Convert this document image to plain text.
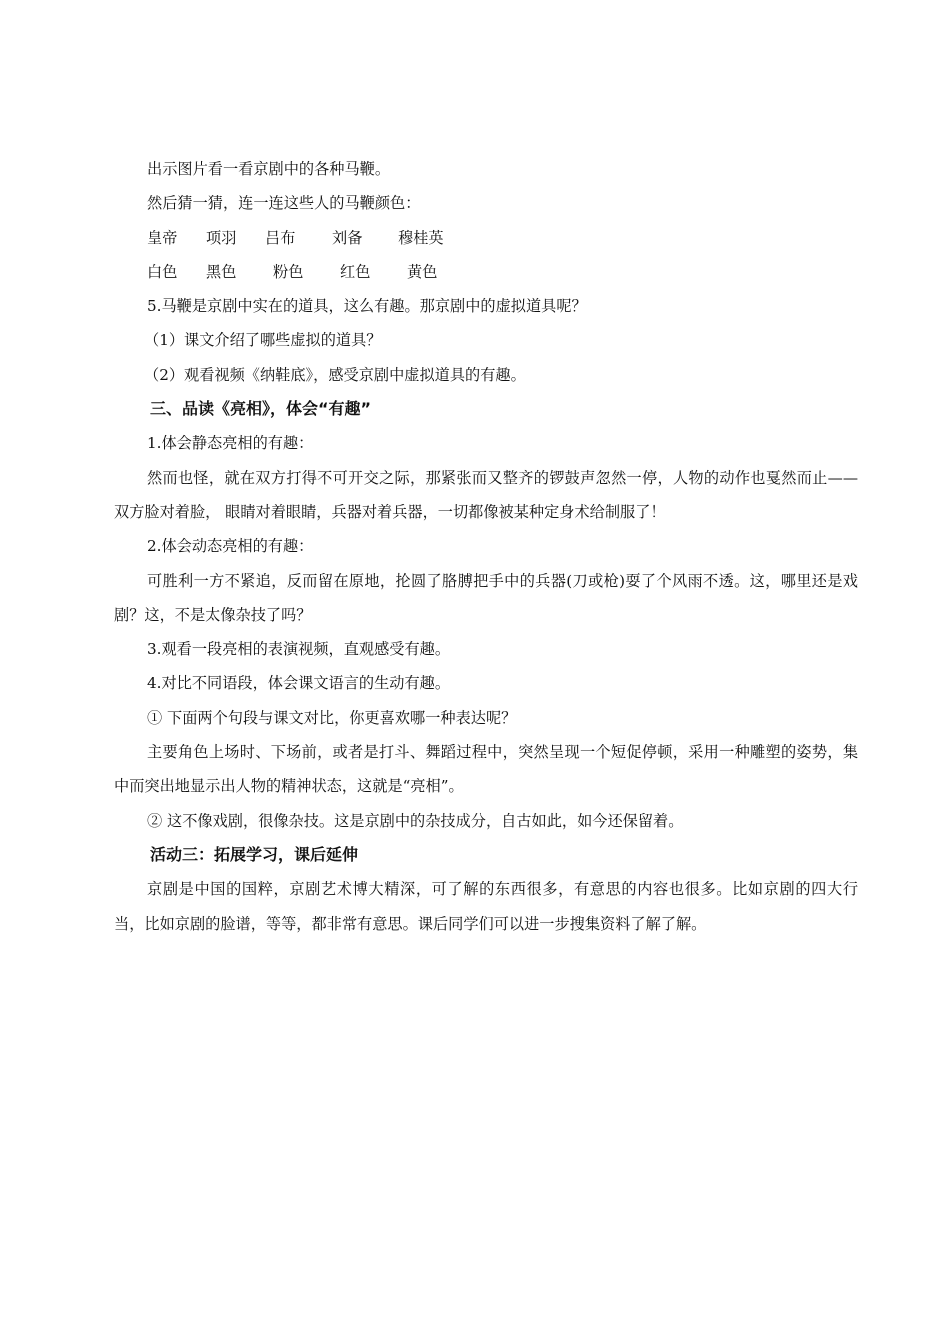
出示图片看一看京剧中的各种马鞭。

然后猜一猜，连一连这些人的马鞭颜色：

皇帝	项羽	吕布	刘备	穆桂英
白色	黑色	粉色	红色	黄色

5.马鞭是京剧中实在的道具，这么有趣。那京剧中的虚拟道具呢？

（1）课文介绍了哪些虚拟的道具？

（2）观看视频《纳鞋底》，感受京剧中虚拟道具的有趣。

三、品读《亮相》，体会“有趣”

1.体会静态亮相的有趣：

然而也怪，就在双方打得不可开交之际，那紧张而又整齐的锣鼓声忽然一停，人物的动作也戛然而止——双方脸对着脸， 眼睛对着眼睛，兵器对着兵器，一切都像被某种定身术给制服了！

2.体会动态亮相的有趣：

可胜利一方不紧追，反而留在原地，抡圆了胳膊把手中的兵器(刀或枪)耍了个风雨不透。这，哪里还是戏剧？这，不是太像杂技了吗？

3.观看一段亮相的表演视频，直观感受有趣。

4.对比不同语段，体会课文语言的生动有趣。

① 下面两个句段与课文对比，你更喜欢哪一种表达呢？

主要角色上场时、下场前，或者是打斗、舞蹈过程中，突然呈现一个短促停顿，采用一种雕塑的姿势，集中而突出地显示出人物的精神状态，这就是“亮相”。

② 这不像戏剧，很像杂技。这是京剧中的杂技成分，自古如此，如今还保留着。

活动三：拓展学习，课后延伸

京剧是中国的国粹，京剧艺术博大精深，可了解的东西很多，有意思的内容也很多。比如京剧的四大行当，比如京剧的脸谱，等等，都非常有意思。课后同学们可以进一步搜集资料了解了解。
